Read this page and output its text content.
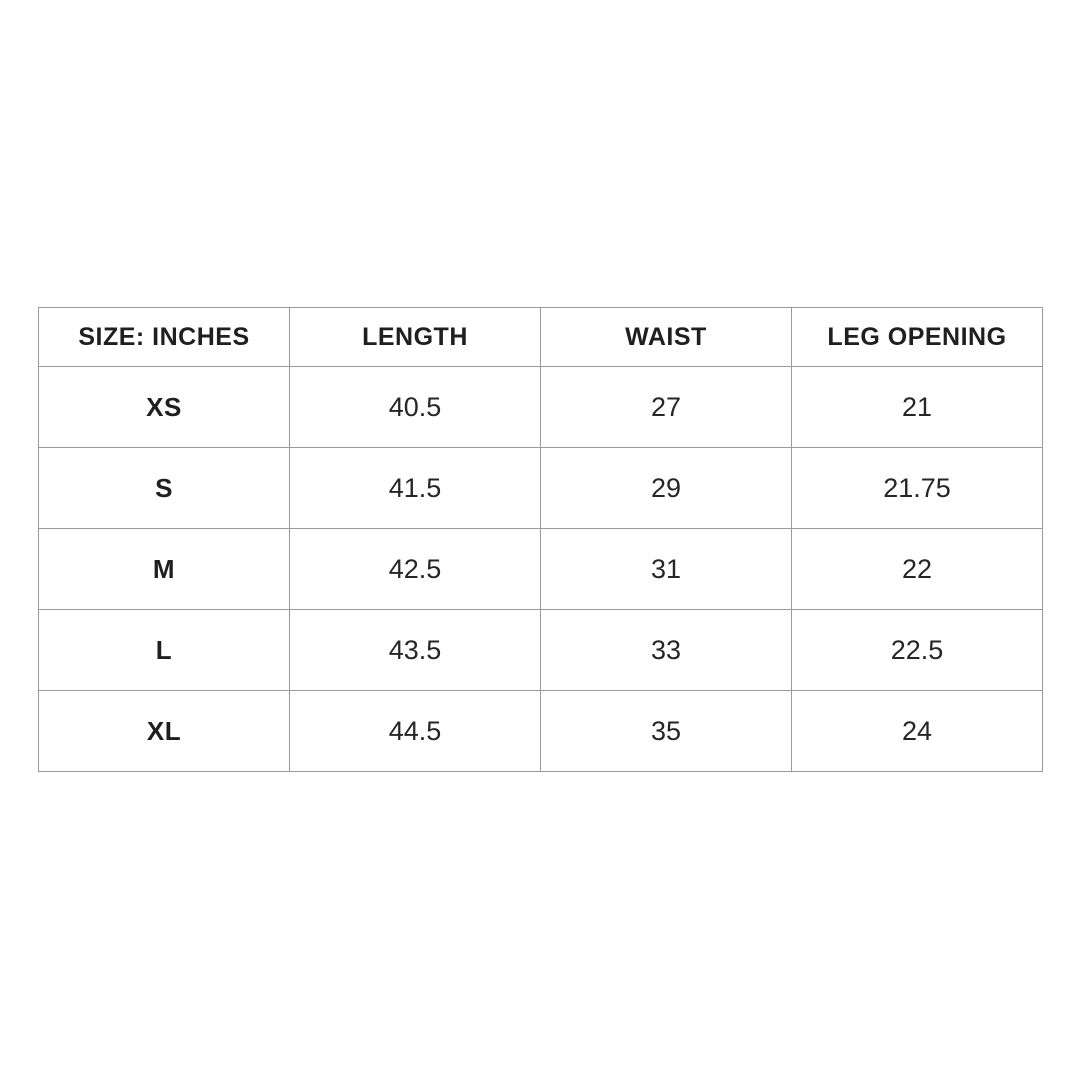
SIZE: INCHES	LENGTH	WAIST	LEG OPENING
XS	40.5	27	21
S	41.5	29	21.75
M	42.5	31	22
L	43.5	33	22.5
XL	44.5	35	24
